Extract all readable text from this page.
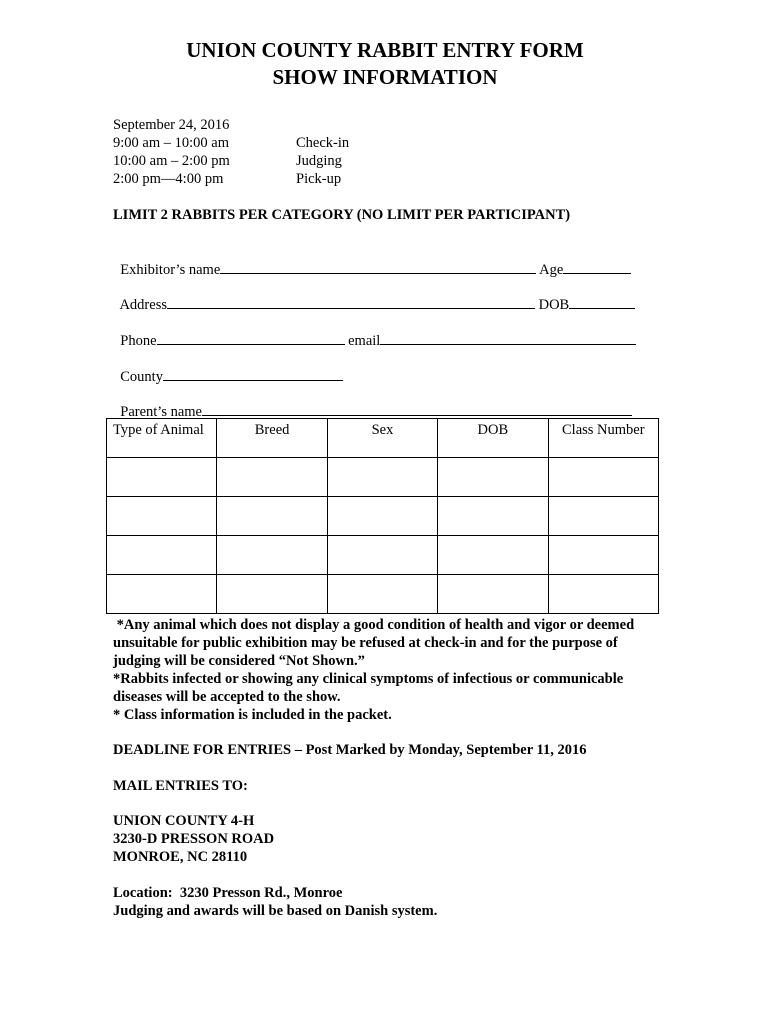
UNION COUNTY RABBIT ENTRY FORM
SHOW INFORMATION
September 24, 2016
9:00 am – 10:00 am	Check-in
10:00 am – 2:00 pm	Judging
2:00 pm—4:00 pm	Pick-up
LIMIT 2 RABBITS PER CATEGORY (NO LIMIT PER PARTICIPANT)

Exhibitor’s name	Age

Address	DOB

Phone	email

County

Parent’s name

Type of Animal	Breed	Sex	DOB	Class Number

*Any animal which does not display a good condition of health and vigor or deemed
unsuitable for public exhibition may be refused at check-in and for the purpose of
judging will be considered “Not Shown.”
*Rabbits infected or showing any clinical symptoms of infectious or communicable
diseases will be accepted to the show.
* Class information is included in the packet.
DEADLINE FOR ENTRIES – Post Marked by Monday, September 11, 2016
MAIL ENTRIES TO:
UNION COUNTY 4-H
3230-D PRESSON ROAD
MONROE, NC 28110
Location:  3230 Presson Rd., Monroe
Judging and awards will be based on Danish system.
